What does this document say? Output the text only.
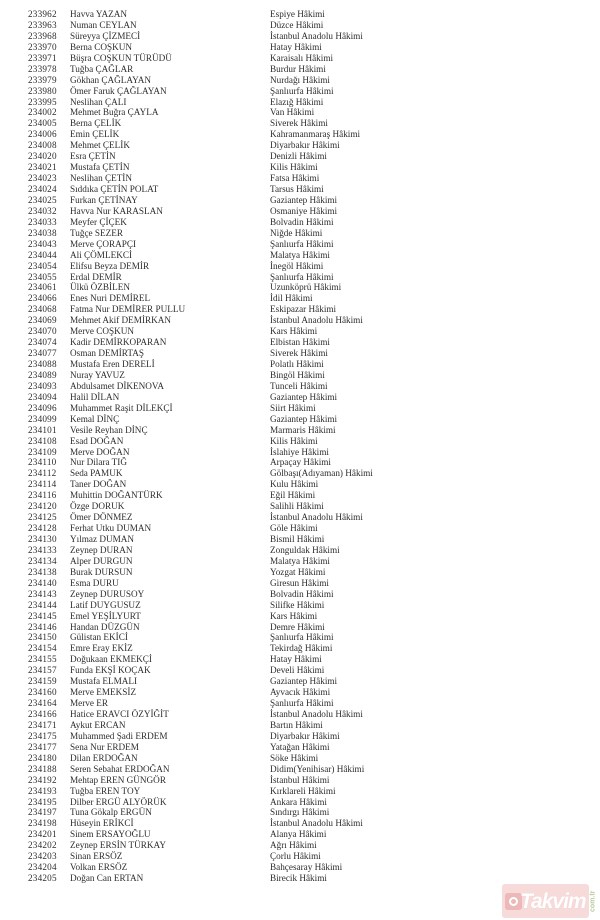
233962	Havva YAZAN	Espiye Hâkimi
233963	Numan CEYLAN	Düzce Hâkimi
233968	Süreyya ÇİZMECİ	İstanbul Anadolu Hâkimi
233970	Berna COŞKUN	Hatay Hâkimi
233971	Büşra COŞKUN TÜRÜDÜ	Karaisalı Hâkimi
233978	Tuğba ÇAĞLAR	Burdur Hâkimi
233979	Gökhan ÇAĞLAYAN	Nurdağı Hâkimi
233980	Ömer Faruk ÇAĞLAYAN	Şanlıurfa Hâkimi
233995	Neslihan ÇALI	Elazığ Hâkimi
234002	Mehmet Buğra ÇAYLA	Van Hâkimi
234005	Berna ÇELİK	Siverek Hâkimi
234006	Emin ÇELİK	Kahramanmaraş Hâkimi
234008	Mehmet ÇELİK	Diyarbakır Hâkimi
234020	Esra ÇETİN	Denizli Hâkimi
234021	Mustafa ÇETİN	Kilis Hâkimi
234023	Neslihan ÇETİN	Fatsa Hâkimi
234024	Sıddıka ÇETİN POLAT	Tarsus Hâkimi
234025	Furkan ÇETİNAY	Gaziantep Hâkimi
234032	Havva Nur KARASLAN	Osmaniye Hâkimi
234033	Meyfer ÇİÇEK	Bolvadin Hâkimi
234038	Tuğçe SEZER	Niğde Hâkimi
234043	Merve ÇORAPÇI	Şanlıurfa Hâkimi
234044	Ali ÇÖMLEKCİ	Malatya Hâkimi
234054	Elifsu Beyza DEMİR	İnegöl Hâkimi
234055	Erdal DEMİR	Şanlıurfa Hâkimi
234061	Ülkü ÖZBİLEN	Uzunköprü Hâkimi
234066	Enes Nuri DEMİREL	İdil Hâkimi
234068	Fatma Nur DEMİRER PULLU	Eskipazar Hâkimi
234069	Mehmet Akif DEMİRKAN	İstanbul Anadolu Hâkimi
234070	Merve COŞKUN	Kars Hâkimi
234074	Kadir DEMİRKOPARAN	Elbistan Hâkimi
234077	Osman DEMİRTAŞ	Siverek Hâkimi
234088	Mustafa Eren DERELİ	Polatlı Hâkimi
234089	Nuray YAVUZ	Bingöl Hâkimi
234093	Abdulsamet DİKENOVA	Tunceli Hâkimi
234094	Halil DİLAN	Gaziantep Hâkimi
234096	Muhammet Raşit DİLEKÇİ	Siirt Hâkimi
234099	Kemal DİNÇ	Gaziantep Hâkimi
234101	Vesile Reyhan DİNÇ	Marmaris Hâkimi
234108	Esad DOĞAN	Kilis Hâkimi
234109	Merve DOĞAN	İslahiye Hâkimi
234110	Nur Dilara TIĞ	Arpaçay Hâkimi
234112	Seda PAMUK	Gölbaşı(Adıyaman) Hâkimi
234114	Taner DOĞAN	Kulu Hâkimi
234116	Muhittin DOĞANTÜRK	Eğil Hâkimi
234120	Özge DORUK	Salihli Hâkimi
234125	Ömer DÖNMEZ	İstanbul Anadolu Hâkimi
234128	Ferhat Utku DUMAN	Göle Hâkimi
234130	Yılmaz DUMAN	Bismil Hâkimi
234133	Zeynep DURAN	Zonguldak Hâkimi
234134	Alper DURGUN	Malatya Hâkimi
234138	Burak DURSUN	Yozgat Hâkimi
234140	Esma DURU	Giresun Hâkimi
234143	Zeynep DURUSOY	Bolvadin Hâkimi
234144	Latif DUYGUSUZ	Silifke Hâkimi
234145	Emel YEŞİLYURT	Kars Hâkimi
234146	Handan DÜZGÜN	Demre Hâkimi
234150	Gülistan EKİCİ	Şanlıurfa Hâkimi
234154	Emre Eray EKİZ	Tekirdağ Hâkimi
234155	Doğukaan EKMEKÇİ	Hatay Hâkimi
234157	Funda EKŞİ KOÇAK	Develi Hâkimi
234159	Mustafa ELMALI	Gaziantep Hâkimi
234160	Merve EMEKSİZ	Ayvacık Hâkimi
234164	Merve ER	Şanlıurfa Hâkimi
234166	Hatice ERAVCI ÖZYİĞİT	İstanbul Anadolu Hâkimi
234171	Aykut ERCAN	Bartın Hâkimi
234175	Muhammed Şadi ERDEM	Diyarbakır Hâkimi
234177	Sena Nur ERDEM	Yatağan Hâkimi
234180	Dilan ERDOĞAN	Söke Hâkimi
234188	Seren Sebahat ERDOĞAN	Didim(Yenihisar) Hâkimi
234192	Mehtap EREN GÜNGÖR	İstanbul Hâkimi
234193	Tuğba EREN TOY	Kırklareli Hâkimi
234195	Dilber ERGÜ ALYÖRÜK	Ankara Hâkimi
234197	Tuna Gökalp ERGÜN	Sındırgı Hâkimi
234198	Hüseyin ERİKCİ	İstanbul Anadolu Hâkimi
234201	Sinem ERSAYOĞLU	Alanya Hâkimi
234202	Zeynep ERSİN TÜRKAY	Ağrı Hâkimi
234203	Sinan ERSÖZ	Çorlu Hâkimi
234204	Volkan ERSÖZ	Bahçesaray Hâkimi
234205	Doğan Can ERTAN	Birecik Hâkimi
Takvim com.tr
